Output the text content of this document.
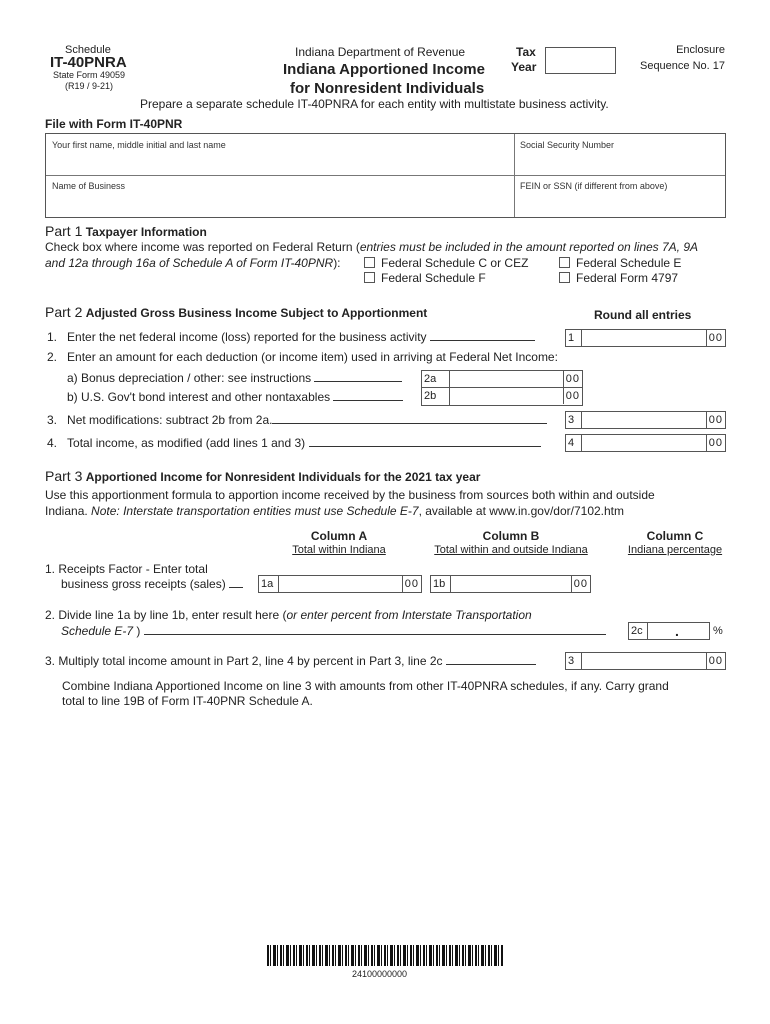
Schedule
IT-40PNRA
State Form 49059
(R19 / 9-21)
Indiana Department of Revenue
Indiana Apportioned Income
for Nonresident Individuals
Tax
Year
Enclosure
Sequence No. 17
Prepare a separate schedule IT-40PNRA for each entity with multistate business activity.
File with Form IT-40PNR
Your first name, middle initial and last name	Social Security Number
Name of Business	FEIN or SSN (if different from above)
Part 1 Taxpayer Information
Check box where income was reported on Federal Return (entries must be included in the amount reported on lines 7A, 9A
and 12a through 16a of Schedule A of Form IT-40PNR):	Federal Schedule C or CEZ	Federal Schedule E
Federal Schedule F	Federal Form 4797
Part 2 Adjusted Gross Business Income Subject to Apportionment	Round all entries
1. Enter the net federal income (loss) reported for the business activity	1	00
2. Enter an amount for each deduction (or income item) used in arriving at Federal Net Income:
a) Bonus depreciation / other: see instructions	2a	00
b) U.S. Gov't bond interest and other nontaxables	2b	00
3. Net modifications: subtract 2b from 2a.	3	00
4. Total income, as modified (add lines 1 and 3)	4	00
Part 3 Apportioned Income for Nonresident Individuals for the 2021 tax year
Use this apportionment formula to apportion income received by the business from sources both within and outside
Indiana. Note: Interstate transportation entities must use Schedule E-7, available at www.in.gov/dor/7102.htm
Column A
Total within Indiana
Column B
Total within and outside Indiana
Column C
Indiana percentage
1. Receipts Factor - Enter total
business gross receipts (sales)	1a	00 1b	00
2. Divide line 1a by line 1b, enter result here (or enter percent from Interstate Transportation
Schedule E-7 )	2c	.	%
3. Multiply total income amount in Part 2, line 4 by percent in Part 3, line 2c	3	00
Combine Indiana Apportioned Income on line 3 with amounts from other IT-40PNRA schedules, if any. Carry grand
total to line 19B of Form IT-40PNR Schedule A.
24100000000
